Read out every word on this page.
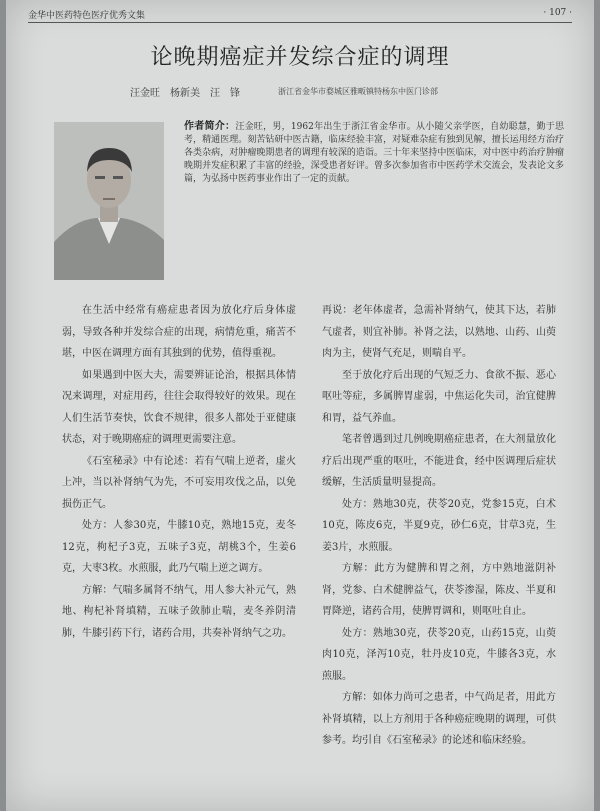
金华中医药特色医疗优秀文集	· 107 ·
论晚期癌症并发综合症的调理
汪金旺　杨新美　汪　锋	浙江省金华市婺城区雅畈镇特杨东中医门诊部
作者简介：汪金旺，男，1962年出生于浙江省金华市。从小随父亲学医，自幼聪慧，勤于思考，精通医理。刻苦钻研中医古籍，临床经验丰富，对疑难杂症有独到见解，擅长运用经方治疗各类杂病，对肿瘤晚期患者的调理有较深的造诣。三十年来坚持中医临床，对中医中药治疗肿瘤晚期并发症积累了丰富的经验，深受患者好评。曾多次参加省市中医药学术交流会，发表论文多篇，为弘扬中医药事业作出了一定的贡献。

在生活中经常有癌症患者因为放化疗后身体虚弱，导致各种并发综合症的出现，病情危重，痛苦不堪，中医在调理方面有其独到的优势，值得重视。

如果遇到中医大夫，需要辨证论治，根据具体情况来调理，对症用药，往往会取得较好的效果。现在人们生活节奏快，饮食不规律，很多人都处于亚健康状态，对于晚期癌症的调理更需要注意。

《石室秘录》中有论述：若有气喘上逆者，虚火上冲，当以补肾纳气为先，不可妄用攻伐之品，以免损伤正气。

处方：人参30克，牛膝10克，熟地15克，麦冬12克，枸杞子3克，五味子3克，胡桃3个，生姜6克，大枣3枚。水煎服，此乃气喘上逆之调方。

方解：气喘多属肾不纳气，用人参大补元气，熟地、枸杞补肾填精，五味子敛肺止喘，麦冬养阴清肺，牛膝引药下行，诸药合用，共奏补肾纳气之功。

再说：老年体虚者，急需补肾纳气，使其下达，若肺气虚者，则宜补肺。补肾之法，以熟地、山药、山萸肉为主，使肾气充足，则喘自平。

至于放化疗后出现的气短乏力、食欲不振、恶心呕吐等症，多属脾胃虚弱，中焦运化失司，治宜健脾和胃，益气养血。

笔者曾遇到过几例晚期癌症患者，在大剂量放化疗后出现严重的呕吐，不能进食，经中医调理后症状缓解，生活质量明显提高。

处方：熟地30克，茯苓20克，党参15克，白术10克，陈皮6克，半夏9克，砂仁6克，甘草3克，生姜3片，水煎服。

方解：此方为健脾和胃之剂，方中熟地滋阴补肾，党参、白术健脾益气，茯苓渗湿，陈皮、半夏和胃降逆，诸药合用，使脾胃调和，则呕吐自止。

处方：熟地30克，茯苓20克，山药15克，山萸肉10克，泽泻10克，牡丹皮10克，牛膝各3克，水煎服。

方解：如体力尚可之患者，中气尚足者，用此方补肾填精，以上方剂用于各种癌症晚期的调理，可供参考。均引自《石室秘录》的论述和临床经验。
